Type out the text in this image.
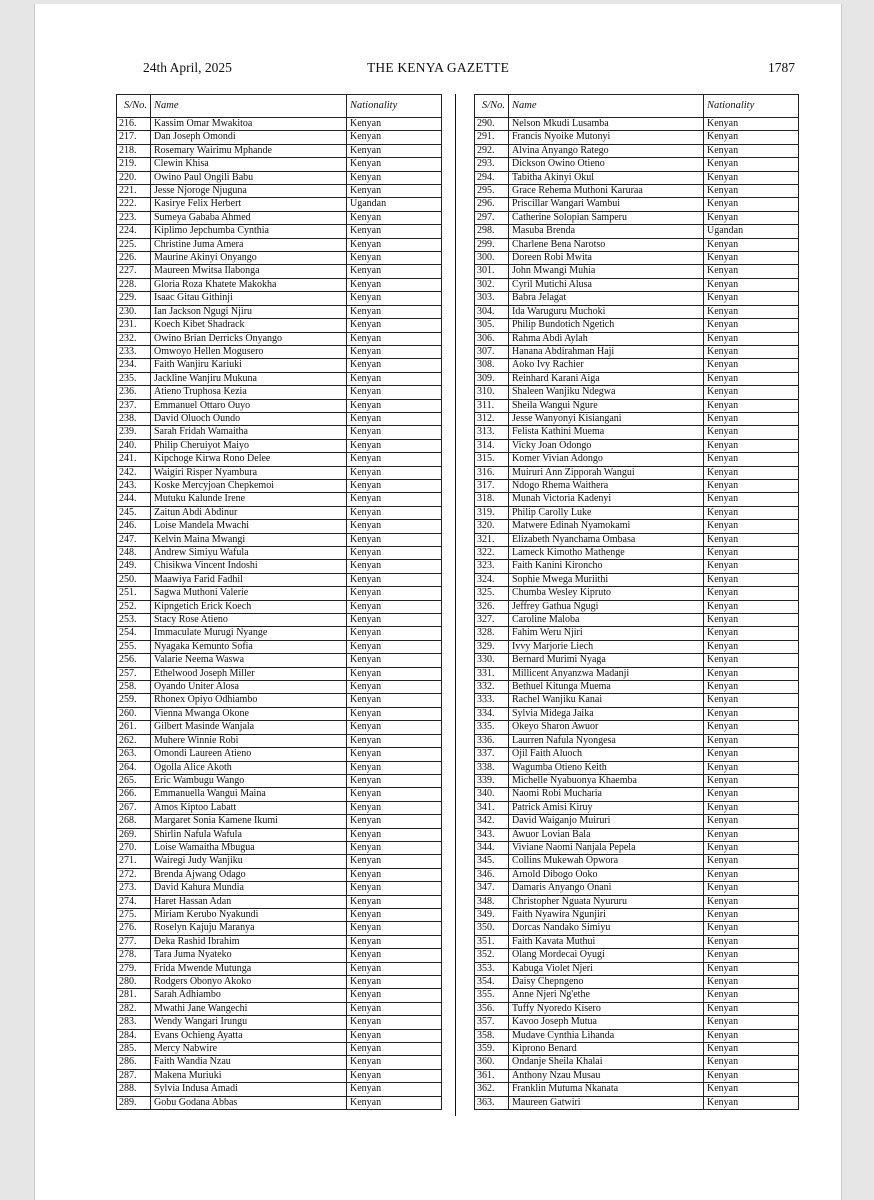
24th April, 2025	THE KENYA GAZETTE	1787
S/No.	Name	Nationality
216.	Kassim Omar Mwakitoa	Kenyan
217.	Dan Joseph Omondi	Kenyan
218.	Rosemary Wairimu Mphande	Kenyan
219.	Clewin Khisa	Kenyan
220.	Owino Paul Ongili Babu	Kenyan
221.	Jesse Njoroge Njuguna	Kenyan
222.	Kasirye Felix Herbert	Ugandan
223.	Sumeya Gababa Ahmed	Kenyan
224.	Kiplimo Jepchumba Cynthia	Kenyan
225.	Christine Juma Amera	Kenyan
226.	Maurine Akinyi Onyango	Kenyan
227.	Maureen Mwitsa Ilabonga	Kenyan
228.	Gloria Roza Khatete Makokha	Kenyan
229.	Isaac Gitau Githinji	Kenyan
230.	Ian Jackson Ngugi Njiru	Kenyan
231.	Koech Kibet Shadrack	Kenyan
232.	Owino Brian Derricks Onyango	Kenyan
233.	Omwoyo Hellen Mogusero	Kenyan
234.	Faith Wanjiru Kariuki	Kenyan
235.	Jackline Wanjiru Mukuna	Kenyan
236.	Atieno Truphosa Kezia	Kenyan
237.	Emmanuel Ottaro Ouyo	Kenyan
238.	David Oluoch Oundo	Kenyan
239.	Sarah Fridah Wamaitha	Kenyan
240.	Philip Cheruiyot Maiyo	Kenyan
241.	Kipchoge Kirwa Rono Delee	Kenyan
242.	Waigiri Risper Nyambura	Kenyan
243.	Koske Mercyjoan Chepkemoi	Kenyan
244.	Mutuku Kalunde Irene	Kenyan
245.	Zaitun Abdi Abdinur	Kenyan
246.	Loise Mandela Mwachi	Kenyan
247.	Kelvin Maina Mwangi	Kenyan
248.	Andrew Simiyu Wafula	Kenyan
249.	Chisikwa Vincent Indoshi	Kenyan
250.	Maawiya Farid Fadhil	Kenyan
251.	Sagwa Muthoni Valerie	Kenyan
252.	Kipngetich Erick Koech	Kenyan
253.	Stacy Rose Atieno	Kenyan
254.	Immaculate Murugi Nyange	Kenyan
255.	Nyagaka Kemunto Sofia	Kenyan
256.	Valarie Neema Waswa	Kenyan
257.	Ethelwood Joseph Miller	Kenyan
258.	Oyando Uniter Alosa	Kenyan
259.	Rhonex Opiyo Odhiambo	Kenyan
260.	Vienna Mwanga Okone	Kenyan
261.	Gilbert Masinde Wanjala	Kenyan
262.	Muhere Winnie Robi	Kenyan
263.	Omondi Laureen Atieno	Kenyan
264.	Ogolla Alice Akoth	Kenyan
265.	Eric Wambugu Wango	Kenyan
266.	Emmanuella Wangui Maina	Kenyan
267.	Amos Kiptoo Labatt	Kenyan
268.	Margaret Sonia Kamene Ikumi	Kenyan
269.	Shirlin Nafula Wafula	Kenyan
270.	Loise Wamaitha Mbugua	Kenyan
271.	Wairegi Judy Wanjiku	Kenyan
272.	Brenda Ajwang Odago	Kenyan
273.	David Kahura Mundia	Kenyan
274.	Haret Hassan Adan	Kenyan
275.	Miriam Kerubo Nyakundi	Kenyan
276.	Roselyn Kajuju Maranya	Kenyan
277.	Deka Rashid Ibrahim	Kenyan
278.	Tara Juma Nyateko	Kenyan
279.	Frida Mwende Mutunga	Kenyan
280.	Rodgers Obonyo Akoko	Kenyan
281.	Sarah Adhiambo	Kenyan
282.	Mwathi Jane Wangechi	Kenyan
283.	Wendy Wangari Irungu	Kenyan
284.	Evans Ochieng Ayatta	Kenyan
285.	Mercy Nabwire	Kenyan
286.	Faith Wandia Nzau	Kenyan
287.	Makena Muriuki	Kenyan
288.	Sylvia Indusa Amadi	Kenyan
289.	Gobu Godana Abbas	Kenyan
S/No.	Name	Nationality
290.	Nelson Mkudi Lusamba	Kenyan
291.	Francis Nyoike Mutonyi	Kenyan
292.	Alvina Anyango Ratego	Kenyan
293.	Dickson Owino Otieno	Kenyan
294.	Tabitha Akinyi Okul	Kenyan
295.	Grace Rehema Muthoni Karuraa	Kenyan
296.	Priscillar Wangari Wambui	Kenyan
297.	Catherine Solopian Samperu	Kenyan
298.	Masuba Brenda	Ugandan
299.	Charlene Bena Narotso	Kenyan
300.	Doreen Robi Mwita	Kenyan
301.	John Mwangi Muhia	Kenyan
302.	Cyril Mutichi Alusa	Kenyan
303.	Babra Jelagat	Kenyan
304.	Ida Waruguru Muchoki	Kenyan
305.	Philip Bundotich Ngetich	Kenyan
306.	Rahma Abdi Aylah	Kenyan
307.	Hanana Abdirahman Haji	Kenyan
308.	Aoko Ivy Rachier	Kenyan
309.	Reinhard Karani Aiga	Kenyan
310.	Shaleen Wanjiku Ndegwa	Kenyan
311.	Sheila Wangui Ngure	Kenyan
312.	Jesse Wanyonyi Kisiangani	Kenyan
313.	Felista Kathini Muema	Kenyan
314.	Vicky Joan Odongo	Kenyan
315.	Komer Vivian Adongo	Kenyan
316.	Muiruri Ann Zipporah Wangui	Kenyan
317.	Ndogo Rhema Waithera	Kenyan
318.	Munah Victoria Kadenyi	Kenyan
319.	Philip Carolly Luke	Kenyan
320.	Matwere Edinah Nyamokami	Kenyan
321.	Elizabeth Nyanchama Ombasa	Kenyan
322.	Lameck Kimotho Mathenge	Kenyan
323.	Faith Kanini Kironcho	Kenyan
324.	Sophie Mwega Muriithi	Kenyan
325.	Chumba Wesley Kipruto	Kenyan
326.	Jeffrey Gathua Ngugi	Kenyan
327.	Caroline Maloba	Kenyan
328.	Fahim Weru Njiri	Kenyan
329.	Ivvy Marjorie Liech	Kenyan
330.	Bernard Murimi Nyaga	Kenyan
331.	Millicent Anyanzwa Madanji	Kenyan
332.	Bethuel Kitunga Muema	Kenyan
333.	Rachel Wanjiku Kanai	Kenyan
334.	Sylvia Midega Jaika	Kenyan
335.	Okeyo Sharon Awuor	Kenyan
336.	Laurren Nafula Nyongesa	Kenyan
337.	Ojil Faith Aluoch	Kenyan
338.	Wagumba Otieno Keith	Kenyan
339.	Michelle Nyabuonya Khaemba	Kenyan
340.	Naomi Robi Mucharia	Kenyan
341.	Patrick Amisi Kiruy	Kenyan
342.	David Waiganjo Muiruri	Kenyan
343.	Awuor Lovian Bala	Kenyan
344.	Viviane Naomi Nanjala Pepela	Kenyan
345.	Collins Mukewah Opwora	Kenyan
346.	Arnold Dibogo Ooko	Kenyan
347.	Damaris Anyango Onani	Kenyan
348.	Christopher Nguata Nyururu	Kenyan
349.	Faith Nyawira Ngunjiri	Kenyan
350.	Dorcas Nandako Simiyu	Kenyan
351.	Faith Kavata Muthui	Kenyan
352.	Olang Mordecai Oyugi	Kenyan
353.	Kabuga Violet Njeri	Kenyan
354.	Daisy Chepngeno	Kenyan
355.	Anne Njeri Ng'ethe	Kenyan
356.	Tuffy Nyoredo Kisero	Kenyan
357.	Kavoo Joseph Mutua	Kenyan
358.	Mudave Cynthia Lihanda	Kenyan
359.	Kiprono Benard	Kenyan
360.	Ondanje Sheila Khalai	Kenyan
361.	Anthony Nzau Musau	Kenyan
362.	Franklin Mutuma Nkanata	Kenyan
363.	Maureen Gatwiri	Kenyan
